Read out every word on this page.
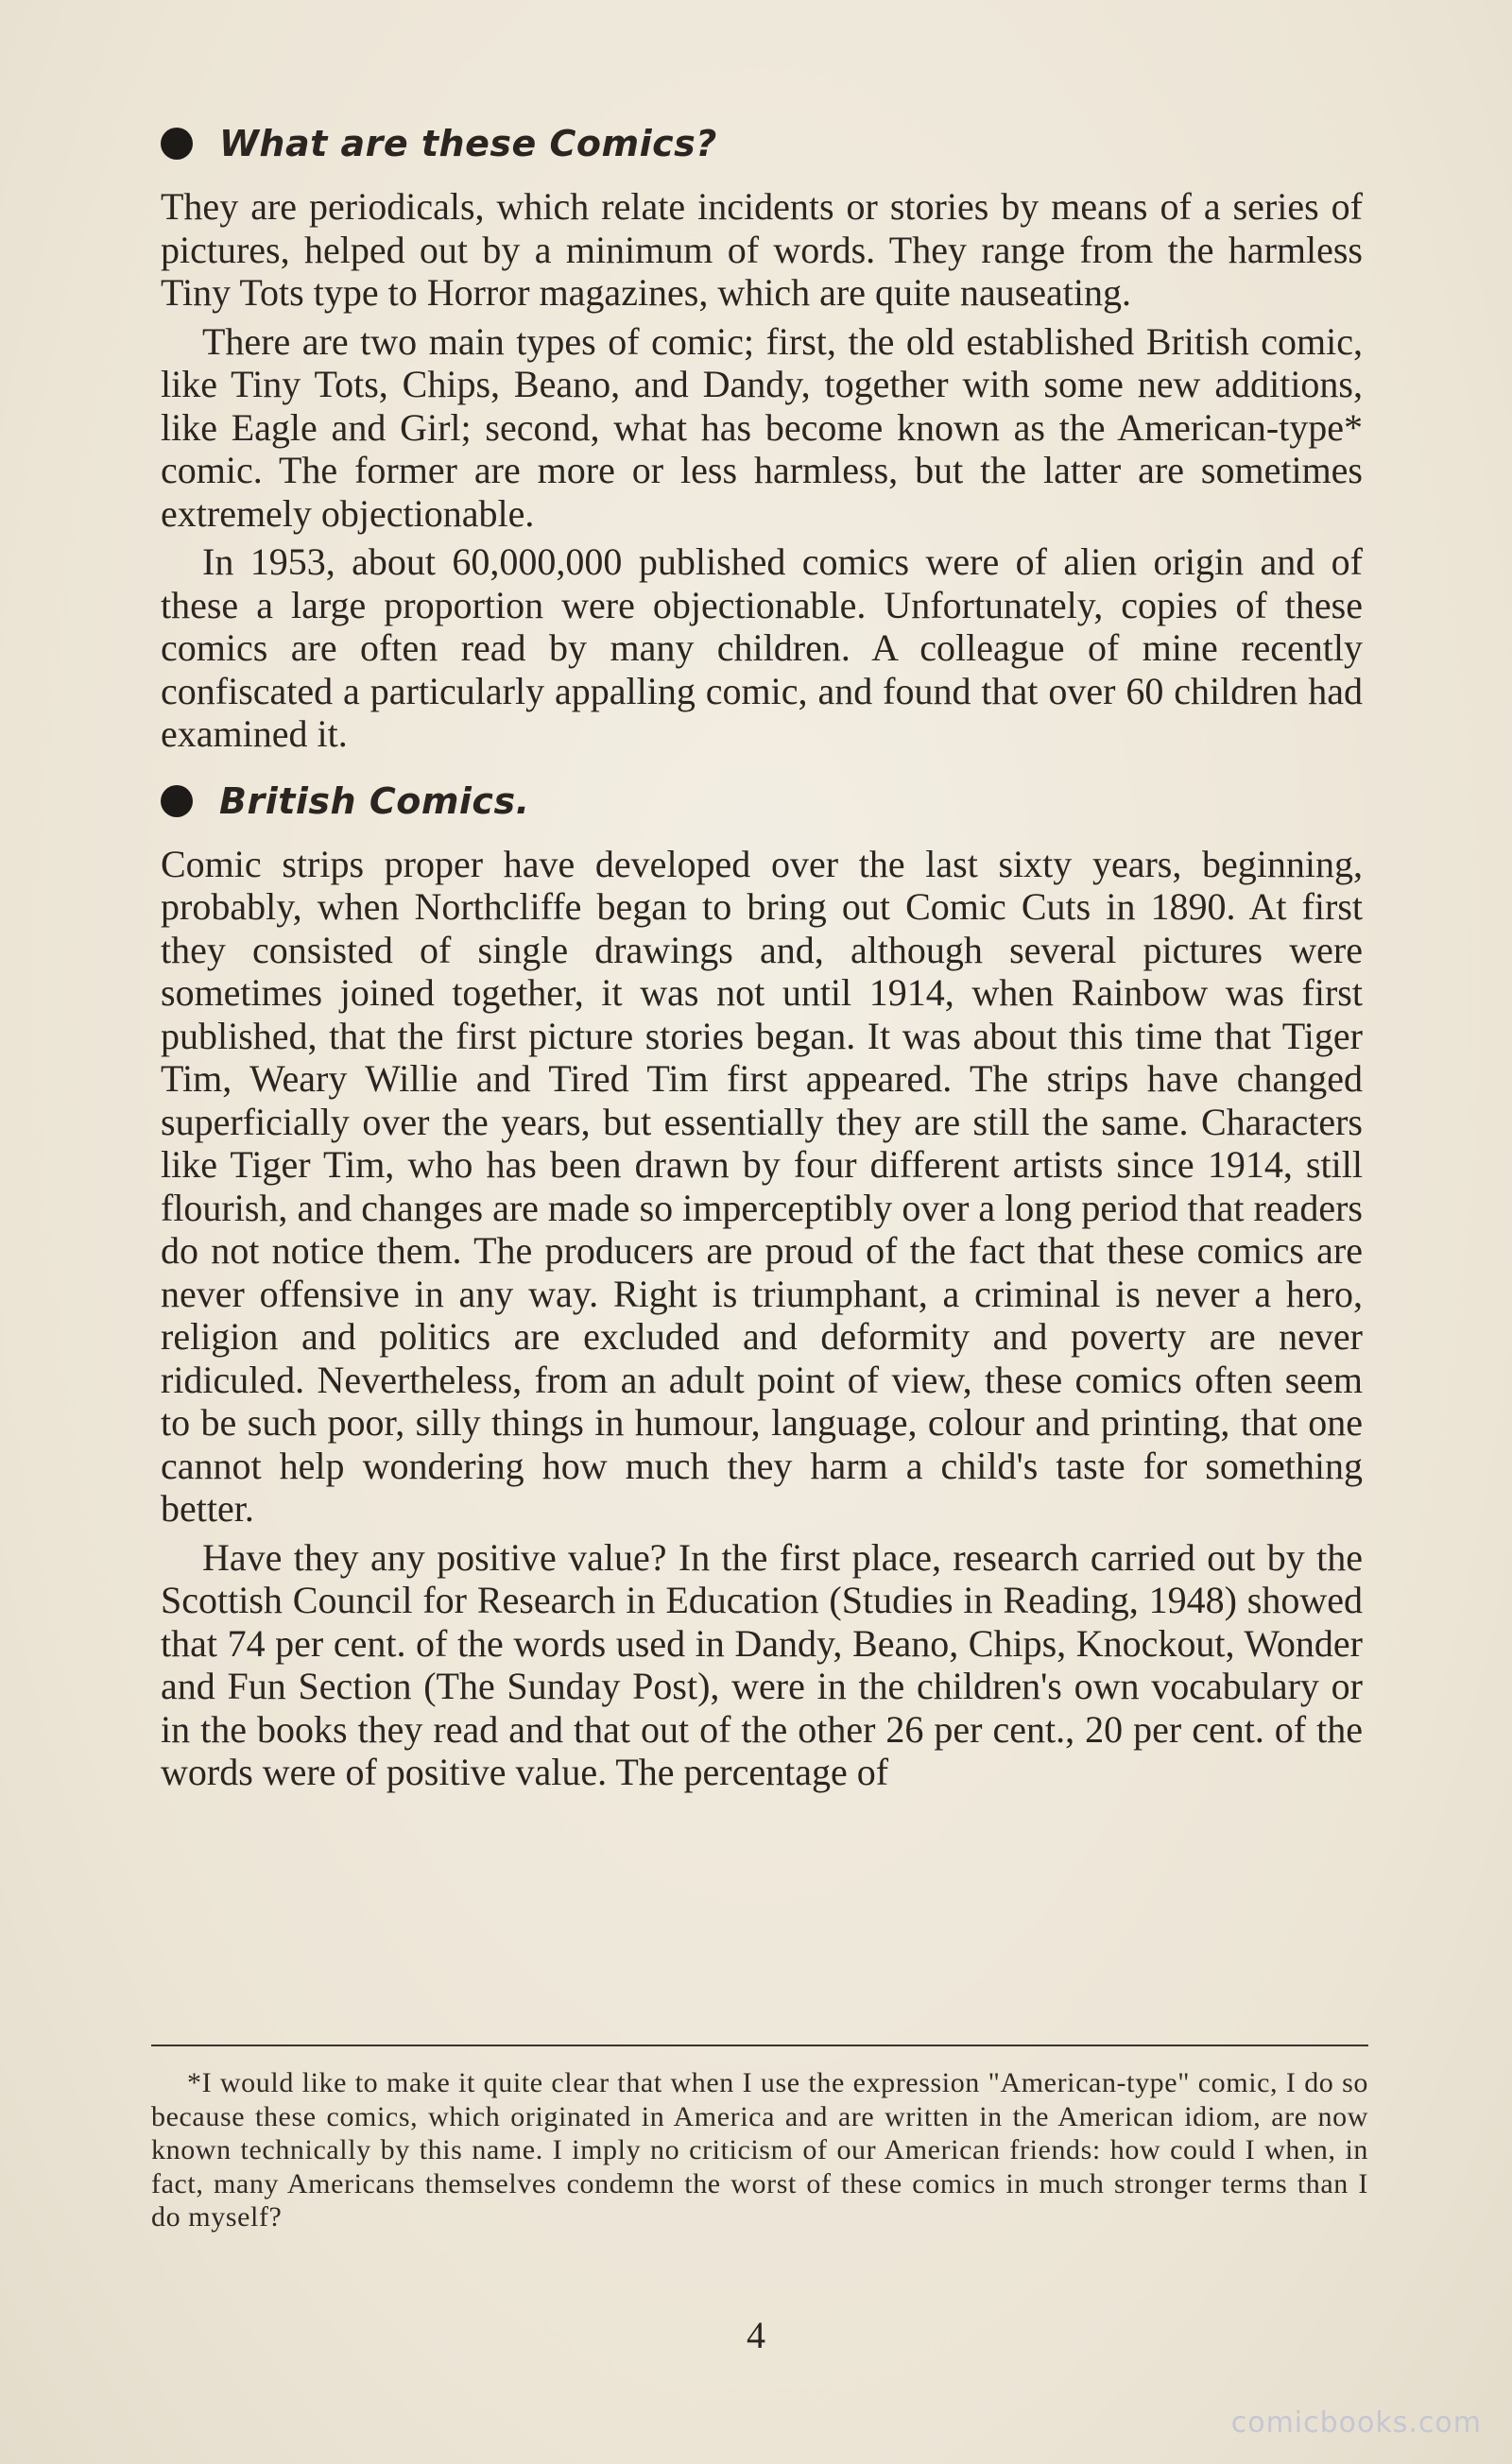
What are these Comics?

They are periodicals, which relate incidents or stories by means of a series of pictures, helped out by a minimum of words. They range from the harmless Tiny Tots type to Horror magazines, which are quite nauseating.

There are two main types of comic; first, the old established British comic, like Tiny Tots, Chips, Beano, and Dandy, together with some new additions, like Eagle and Girl; second, what has become known as the American-type* comic. The former are more or less harmless, but the latter are sometimes extremely objectionable.

In 1953, about 60,000,000 published comics were of alien origin and of these a large proportion were objectionable. Unfortunately, copies of these comics are often read by many children. A colleague of mine recently confiscated a particularly appalling comic, and found that over 60 children had examined it.

British Comics.

Comic strips proper have developed over the last sixty years, beginning, probably, when Northcliffe began to bring out Comic Cuts in 1890. At first they consisted of single drawings and, although several pictures were sometimes joined together, it was not until 1914, when Rainbow was first published, that the first picture stories began. It was about this time that Tiger Tim, Weary Willie and Tired Tim first appeared. The strips have changed superficially over the years, but essentially they are still the same. Characters like Tiger Tim, who has been drawn by four different artists since 1914, still flourish, and changes are made so imperceptibly over a long period that readers do not notice them. The producers are proud of the fact that these comics are never offensive in any way. Right is triumphant, a criminal is never a hero, religion and politics are excluded and deformity and poverty are never ridiculed. Nevertheless, from an adult point of view, these comics often seem to be such poor, silly things in humour, language, colour and printing, that one cannot help wondering how much they harm a child's taste for something better.

Have they any positive value? In the first place, research carried out by the Scottish Council for Research in Education (Studies in Reading, 1948) showed that 74 per cent. of the words used in Dandy, Beano, Chips, Knockout, Wonder and Fun Section (The Sunday Post), were in the children's own vocabulary or in the books they read and that out of the other 26 per cent., 20 per cent. of the words were of positive value. The percentage of

*I would like to make it quite clear that when I use the expression "American-type" comic, I do so because these comics, which originated in America and are written in the American idiom, are now known technically by this name. I imply no criticism of our American friends: how could I when, in fact, many Americans themselves condemn the worst of these comics in much stronger terms than I do myself?
4
comicbooks.com
